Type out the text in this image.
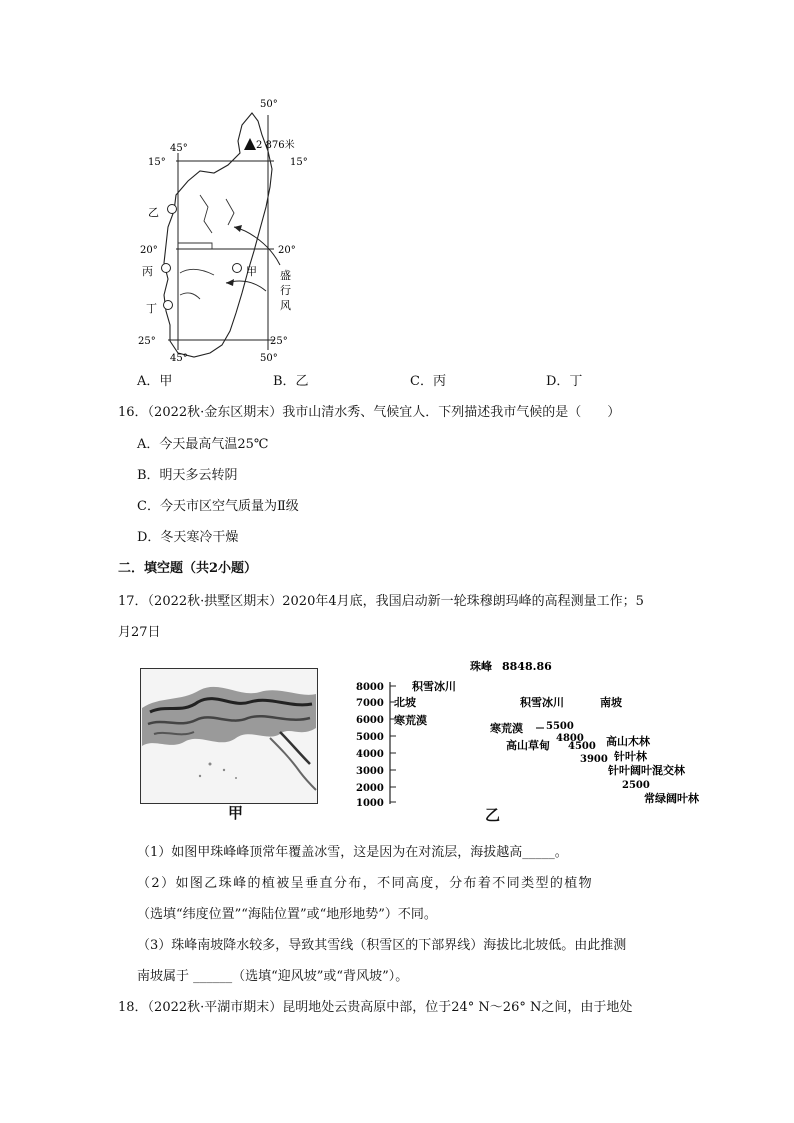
50°
45°	2 876米
15°	15°
乙
20°	20°
丙	甲
丁
盛
行
风
25°	25°
45°	50°
A．甲	B．乙	C．丙	D．丁
16．（2022秋·金东区期末）我市山清水秀、气候宜人．下列描述我市气候的是（　　）
A．今天最高气温25℃
B．明天多云转阴
C．今天市区空气质量为Ⅱ级
D．冬天寒冷干燥
二．填空题（共2小题）
17．（2022秋·拱墅区期末）2020年4月底，我国启动新一轮珠穆朗玛峰的高程测量工作；5
月27日
甲
8000
7000
6000
5000
4000
3000
2000
1000
珠峰 8848.86
积雪冰川
北坡
寒荒漠
积雪冰川	南坡
寒荒漠 5500
4800
高山草甸 4500 高山木林
3900 针叶林
针叶阔叶混交林
2500
常绿阔叶林
乙
（1）如图甲珠峰峰顶常年覆盖冰雪，这是因为在对流层，海拔越高_____。
（2）如图乙珠峰的植被呈垂直分布，不同高度，分布着不同类型的植物
（选填“纬度位置”“海陆位置”或“地形地势”）不同。
（3）珠峰南坡降水较多，导致其雪线（积雪区的下部界线）海拔比北坡低。由此推测
南坡属于 ______（选填“迎风坡”或“背风坡”）。
18．（2022秋·平湖市期末）昆明地处云贵高原中部，位于24° N～26° N之间，由于地处
